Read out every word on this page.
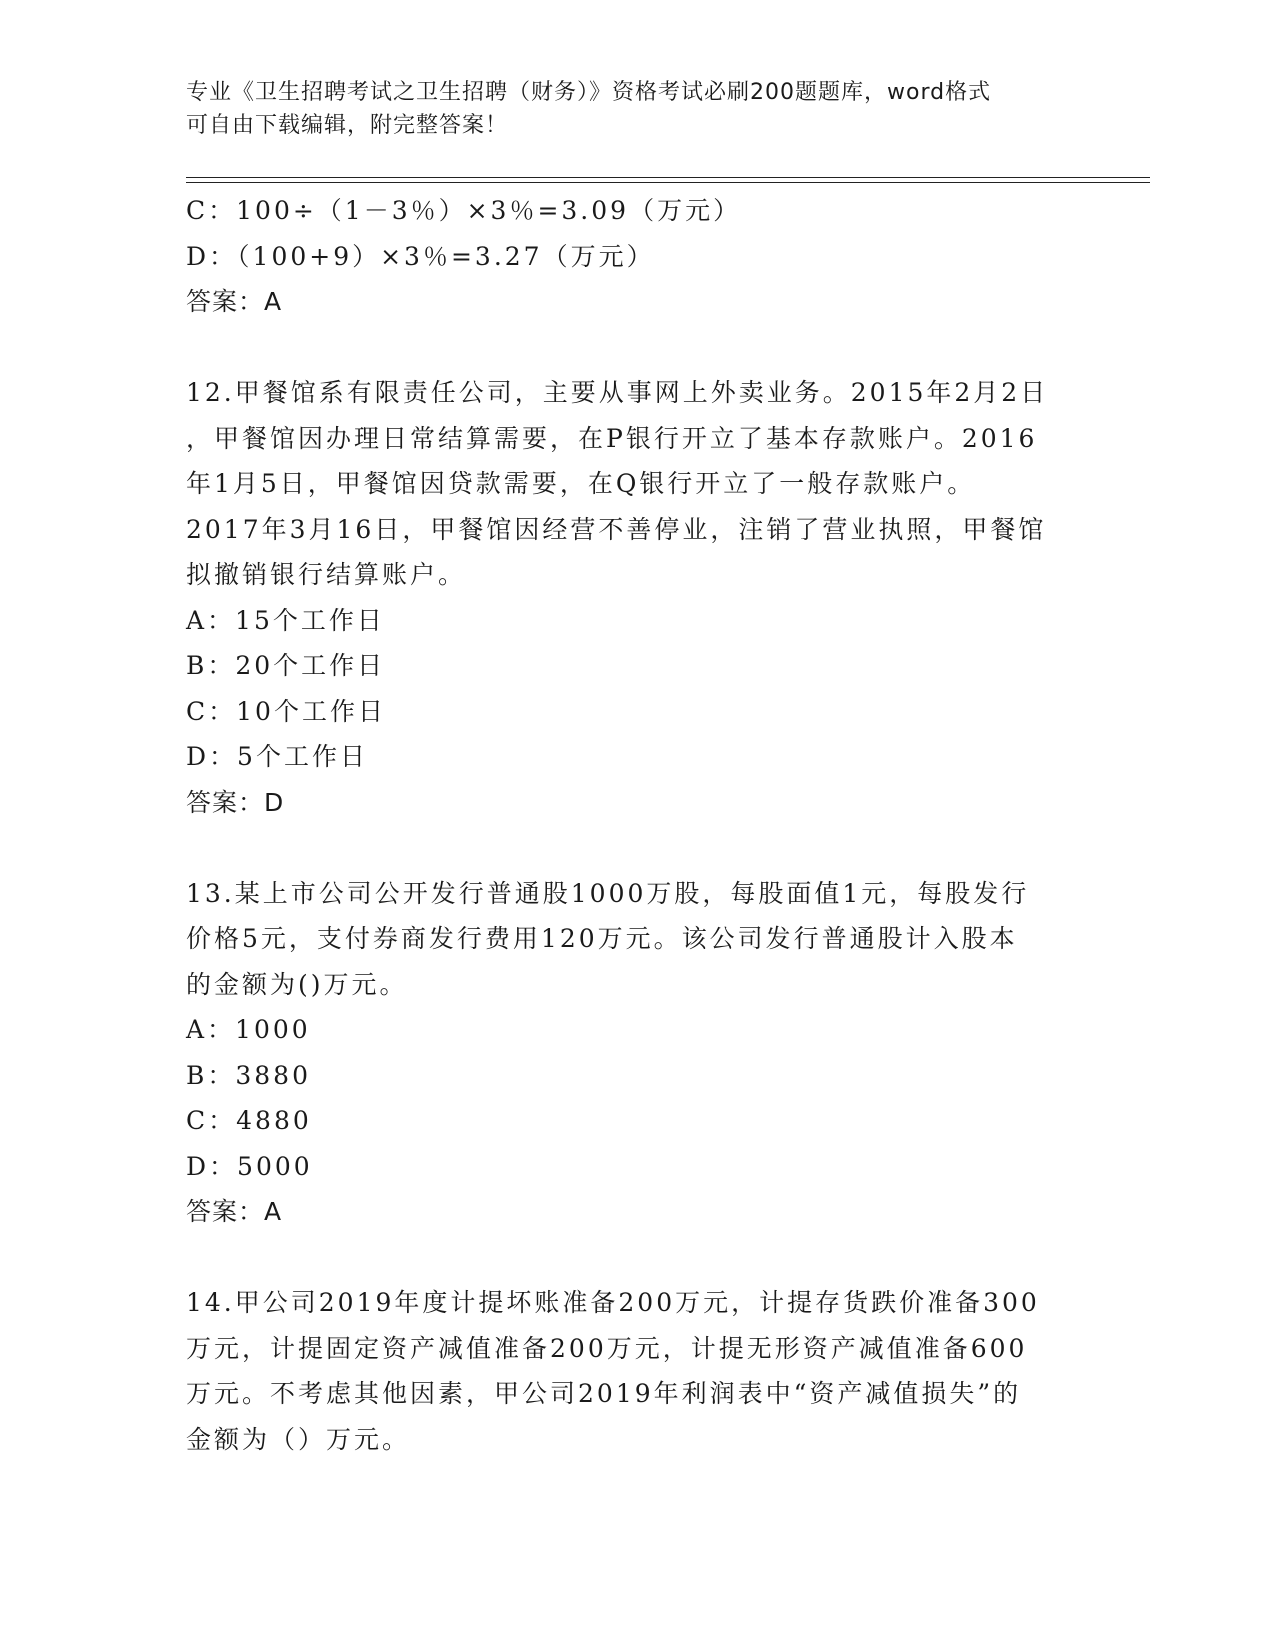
专业《卫生招聘考试之卫生招聘（财务）》资格考试必刷200题题库，word格式
可自由下载编辑，附完整答案！

C：100÷（1－3％）×3％=3.09（万元）

D：（100+9）×3％=3.27（万元）

答案：A

12.甲餐馆系有限责任公司，主要从事网上外卖业务。2015年2月2日

，甲餐馆因办理日常结算需要，在P银行开立了基本存款账户。2016

年1月5日，甲餐馆因贷款需要，在Q银行开立了一般存款账户。

2017年3月16日，甲餐馆因经营不善停业，注销了营业执照，甲餐馆

拟撤销银行结算账户。

A：15个工作日

B：20个工作日

C：10个工作日

D：5个工作日

答案：D

13.某上市公司公开发行普通股1000万股，每股面值1元，每股发行

价格5元，支付券商发行费用120万元。该公司发行普通股计入股本

的金额为()万元。

A：1000

B：3880

C：4880

D：5000

答案：A

14.甲公司2019年度计提坏账准备200万元，计提存货跌价准备300

万元，计提固定资产减值准备200万元，计提无形资产减值准备600

万元。不考虑其他因素，甲公司2019年利润表中“资产减值损失”的

金额为（）万元。
